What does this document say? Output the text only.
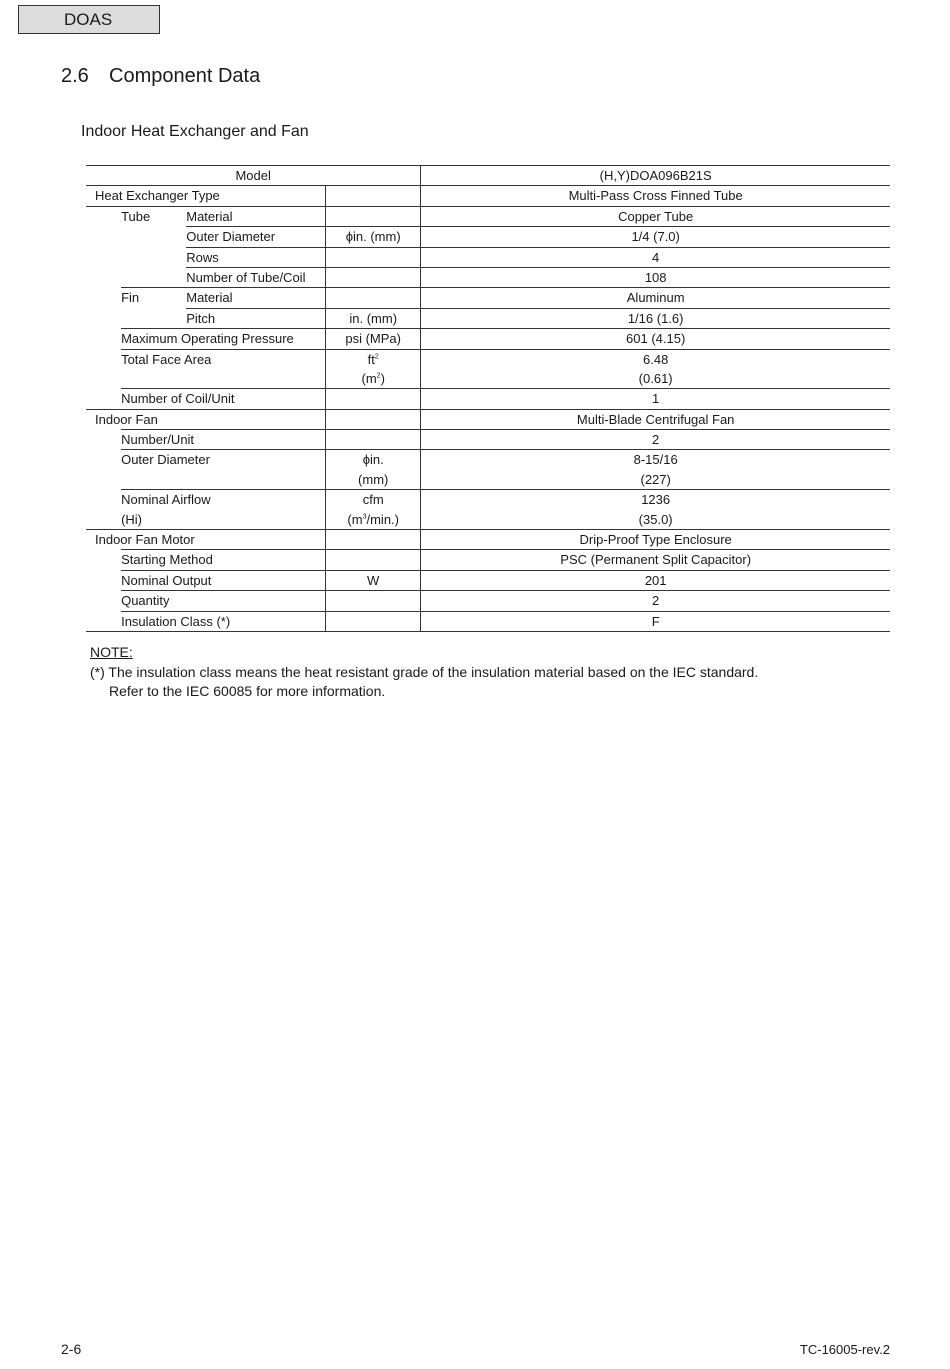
DOAS
2.6 Component Data
Indoor Heat Exchanger and Fan
Model				(H,Y)DOA096B21S
Heat Exchanger Type				Multi-Pass Cross Finned Tube
	Tube	Material		Copper Tube
		Outer Diameter	ϕin. (mm)	1/4 (7.0)
		Rows		4
		Number of Tube/Coil		108
	Fin	Material		Aluminum
		Pitch	in. (mm)	1/16 (1.6)
	Maximum Operating Pressure		psi (MPa)	601 (4.15)
	Total Face Area		$ft^2$	6.48
			$(m^2)$	(0.61)
	Number of Coil/Unit			1
Indoor Fan				Multi-Blade Centrifugal Fan
	Number/Unit			2
	Outer Diameter		ϕin.	8-15/16
			(mm)	(227)
	Nominal Airflow		cfm	1236
	(Hi)		$(m^3/\min.)$	(35.0)
Indoor Fan Motor				Drip-Proof Type Enclosure
	Starting Method			PSC (Permanent Split Capacitor)
	Nominal Output		W	201
	Quantity			2
	Insulation Class (*)			F
NOTE:
(*) The insulation class means the heat resistant grade of the insulation material based on the IEC standard.
Refer to the IEC 60085 for more information.
2-6	TC-16005-rev.2
